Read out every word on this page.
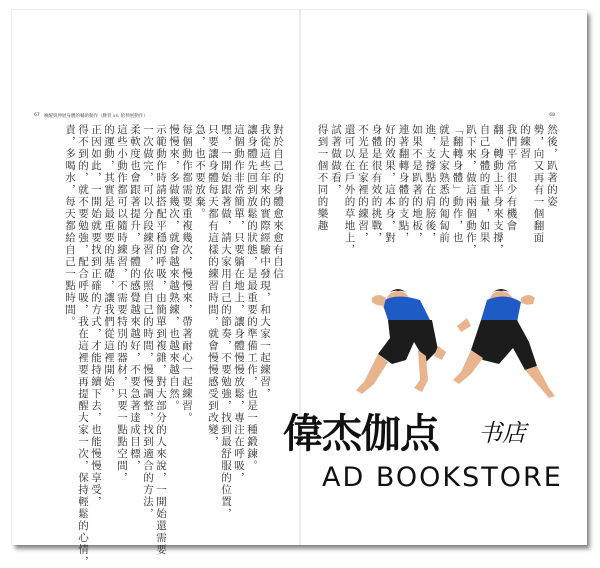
67 喚醒與伸展身體的輔助動作（腰背 vs. 給伸展動作）	68
對於自己的身體愈來愈有自信
我從這些年來的實際經驗中發現，和大家一起練習，
讓身體先回到放鬆的狀態，是最重要的準備工作，也是一種鍛鍊。
這個動作非常簡單，只要躺在地上，讓身體慢慢放鬆，專注在呼吸，
嘿，一開始跟著做，請大家用自己的節奏，不要勉強，找到最舒服的位置，
只要讓身體每天都有這樣的練習時間，就會慢慢感受到改變，
急，也不要放棄。
每個動作都需要重複幾次，慢慢來，帶著耐心一起練習。
慢慢來，多做幾次，就會越來越熟練，也越來越自然。
示範動作時請搭配平穩的呼吸，由簡單到複雜，對大部分的人來說，一開始還需要
一次做完，可以分段練習，依照自己的時間，慢慢調整，找到適合的方法，
柔軟度也會跟著提升，身體的感覺越來越好，不要急著達成目標，
這些小動作都可以隨時練習，不需要特別的器材，只要一點點空間，
的運動，其實是最重要的基礎，讓我們從這裡開始，
正因如此，一開始就要找到正確的方式，才能持續下去，也能慢慢享受，
得不到的，就不要勉強，配合呼吸，我在這裡要再提醒大家一次，保持輕鬆的心情，
責，多喝水，每天都給自己一點時間。	然後，趴著的姿
勢，向又再有一個翻面
的練習
我們平常很少有機會
翻、轉動上半身來支撐，
自己身體的重量，如果
趴下來，做這兩個動作，
「翻轉身體」動作，也
就是大家熟悉的匍匐前
進，支撐點在肩膀後，
如果不是趴著的地板，
連著翻轉身體的支點，
好的效果，這本身，對
身體是很有效的挑戰，
不光是在家裡的練習，
還可以在戶外的草地上，
試著做做看，
得到一個不同的樂趣
偉杰伽点 书店
AD BOOKSTORE
